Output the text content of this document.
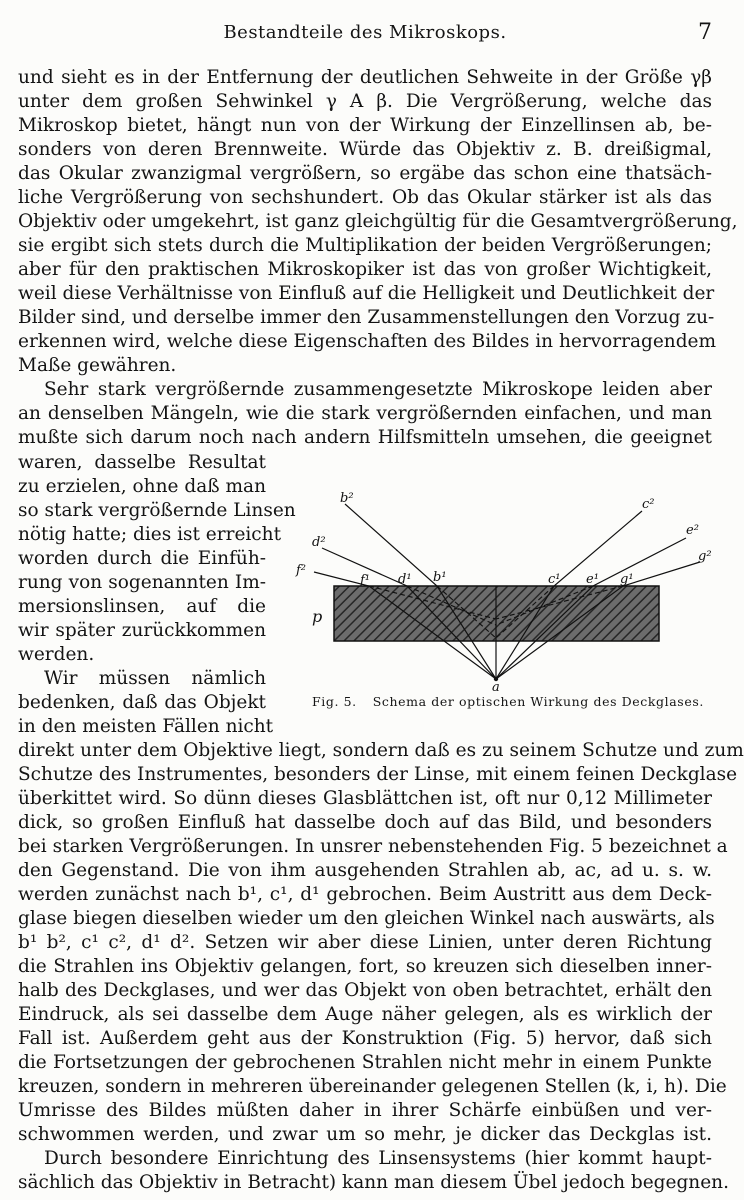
Bestandteile des Mikroskops.	7
und sieht es in der Entfernung der deutlichen Sehweite in der Größe γβ
unter dem großen Sehwinkel γ A β. Die Vergrößerung, welche das
Mikroskop bietet, hängt nun von der Wirkung der Einzellinsen ab, be-
sonders von deren Brennweite. Würde das Objektiv z. B. dreißigmal,
das Okular zwanzigmal vergrößern, so ergäbe das schon eine thatsäch-
liche Vergrößerung von sechshundert. Ob das Okular stärker ist als das
Objektiv oder umgekehrt, ist ganz gleichgültig für die Gesamtvergrößerung,
sie ergibt sich stets durch die Multiplikation der beiden Vergrößerungen;
aber für den praktischen Mikroskopiker ist das von großer Wichtigkeit,
weil diese Verhältnisse von Einfluß auf die Helligkeit und Deutlichkeit der
Bilder sind, und derselbe immer den Zusammenstellungen den Vorzug zu-
erkennen wird, welche diese Eigenschaften des Bildes in hervorragendem
Maße gewähren.
Sehr stark vergrößernde zusammengesetzte Mikroskope leiden aber
an denselben Mängeln, wie die stark vergrößernden einfachen, und man
mußte sich darum noch nach andern Hilfsmitteln umsehen, die geeignet
waren, dasselbe Resultat
zu erzielen, ohne daß man
so stark vergrößernde Linsen
nötig hatte; dies ist erreicht
worden durch die Einfüh-
rung von sogenannten Im-
mersionslinsen, auf die
wir später zurückkommen
werden.
Wir müssen nämlich
bedenken, daß das Objekt
in den meisten Fällen nicht
b²	c²
d²
e²
f²
g²
f¹ d¹ b¹	c¹ e¹ g¹
p
a
Fig. 5. Schema der optischen Wirkung des Deckglases.
direkt unter dem Objektive liegt, sondern daß es zu seinem Schutze und zum
Schutze des Instrumentes, besonders der Linse, mit einem feinen Deckglase
überkittet wird. So dünn dieses Glasblättchen ist, oft nur 0,12 Millimeter
dick, so großen Einfluß hat dasselbe doch auf das Bild, und besonders
bei starken Vergrößerungen. In unsrer nebenstehenden Fig. 5 bezeichnet a
den Gegenstand. Die von ihm ausgehenden Strahlen ab, ac, ad u. s. w.
werden zunächst nach b¹, c¹, d¹ gebrochen. Beim Austritt aus dem Deck-
glase biegen dieselben wieder um den gleichen Winkel nach auswärts, als
b¹ b², c¹ c², d¹ d². Setzen wir aber diese Linien, unter deren Richtung
die Strahlen ins Objektiv gelangen, fort, so kreuzen sich dieselben inner-
halb des Deckglases, und wer das Objekt von oben betrachtet, erhält den
Eindruck, als sei dasselbe dem Auge näher gelegen, als es wirklich der
Fall ist. Außerdem geht aus der Konstruktion (Fig. 5) hervor, daß sich
die Fortsetzungen der gebrochenen Strahlen nicht mehr in einem Punkte
kreuzen, sondern in mehreren übereinander gelegenen Stellen (k, i, h). Die
Umrisse des Bildes müßten daher in ihrer Schärfe einbüßen und ver-
schwommen werden, und zwar um so mehr, je dicker das Deckglas ist.
Durch besondere Einrichtung des Linsensystems (hier kommt haupt-
sächlich das Objektiv in Betracht) kann man diesem Übel jedoch begegnen.
